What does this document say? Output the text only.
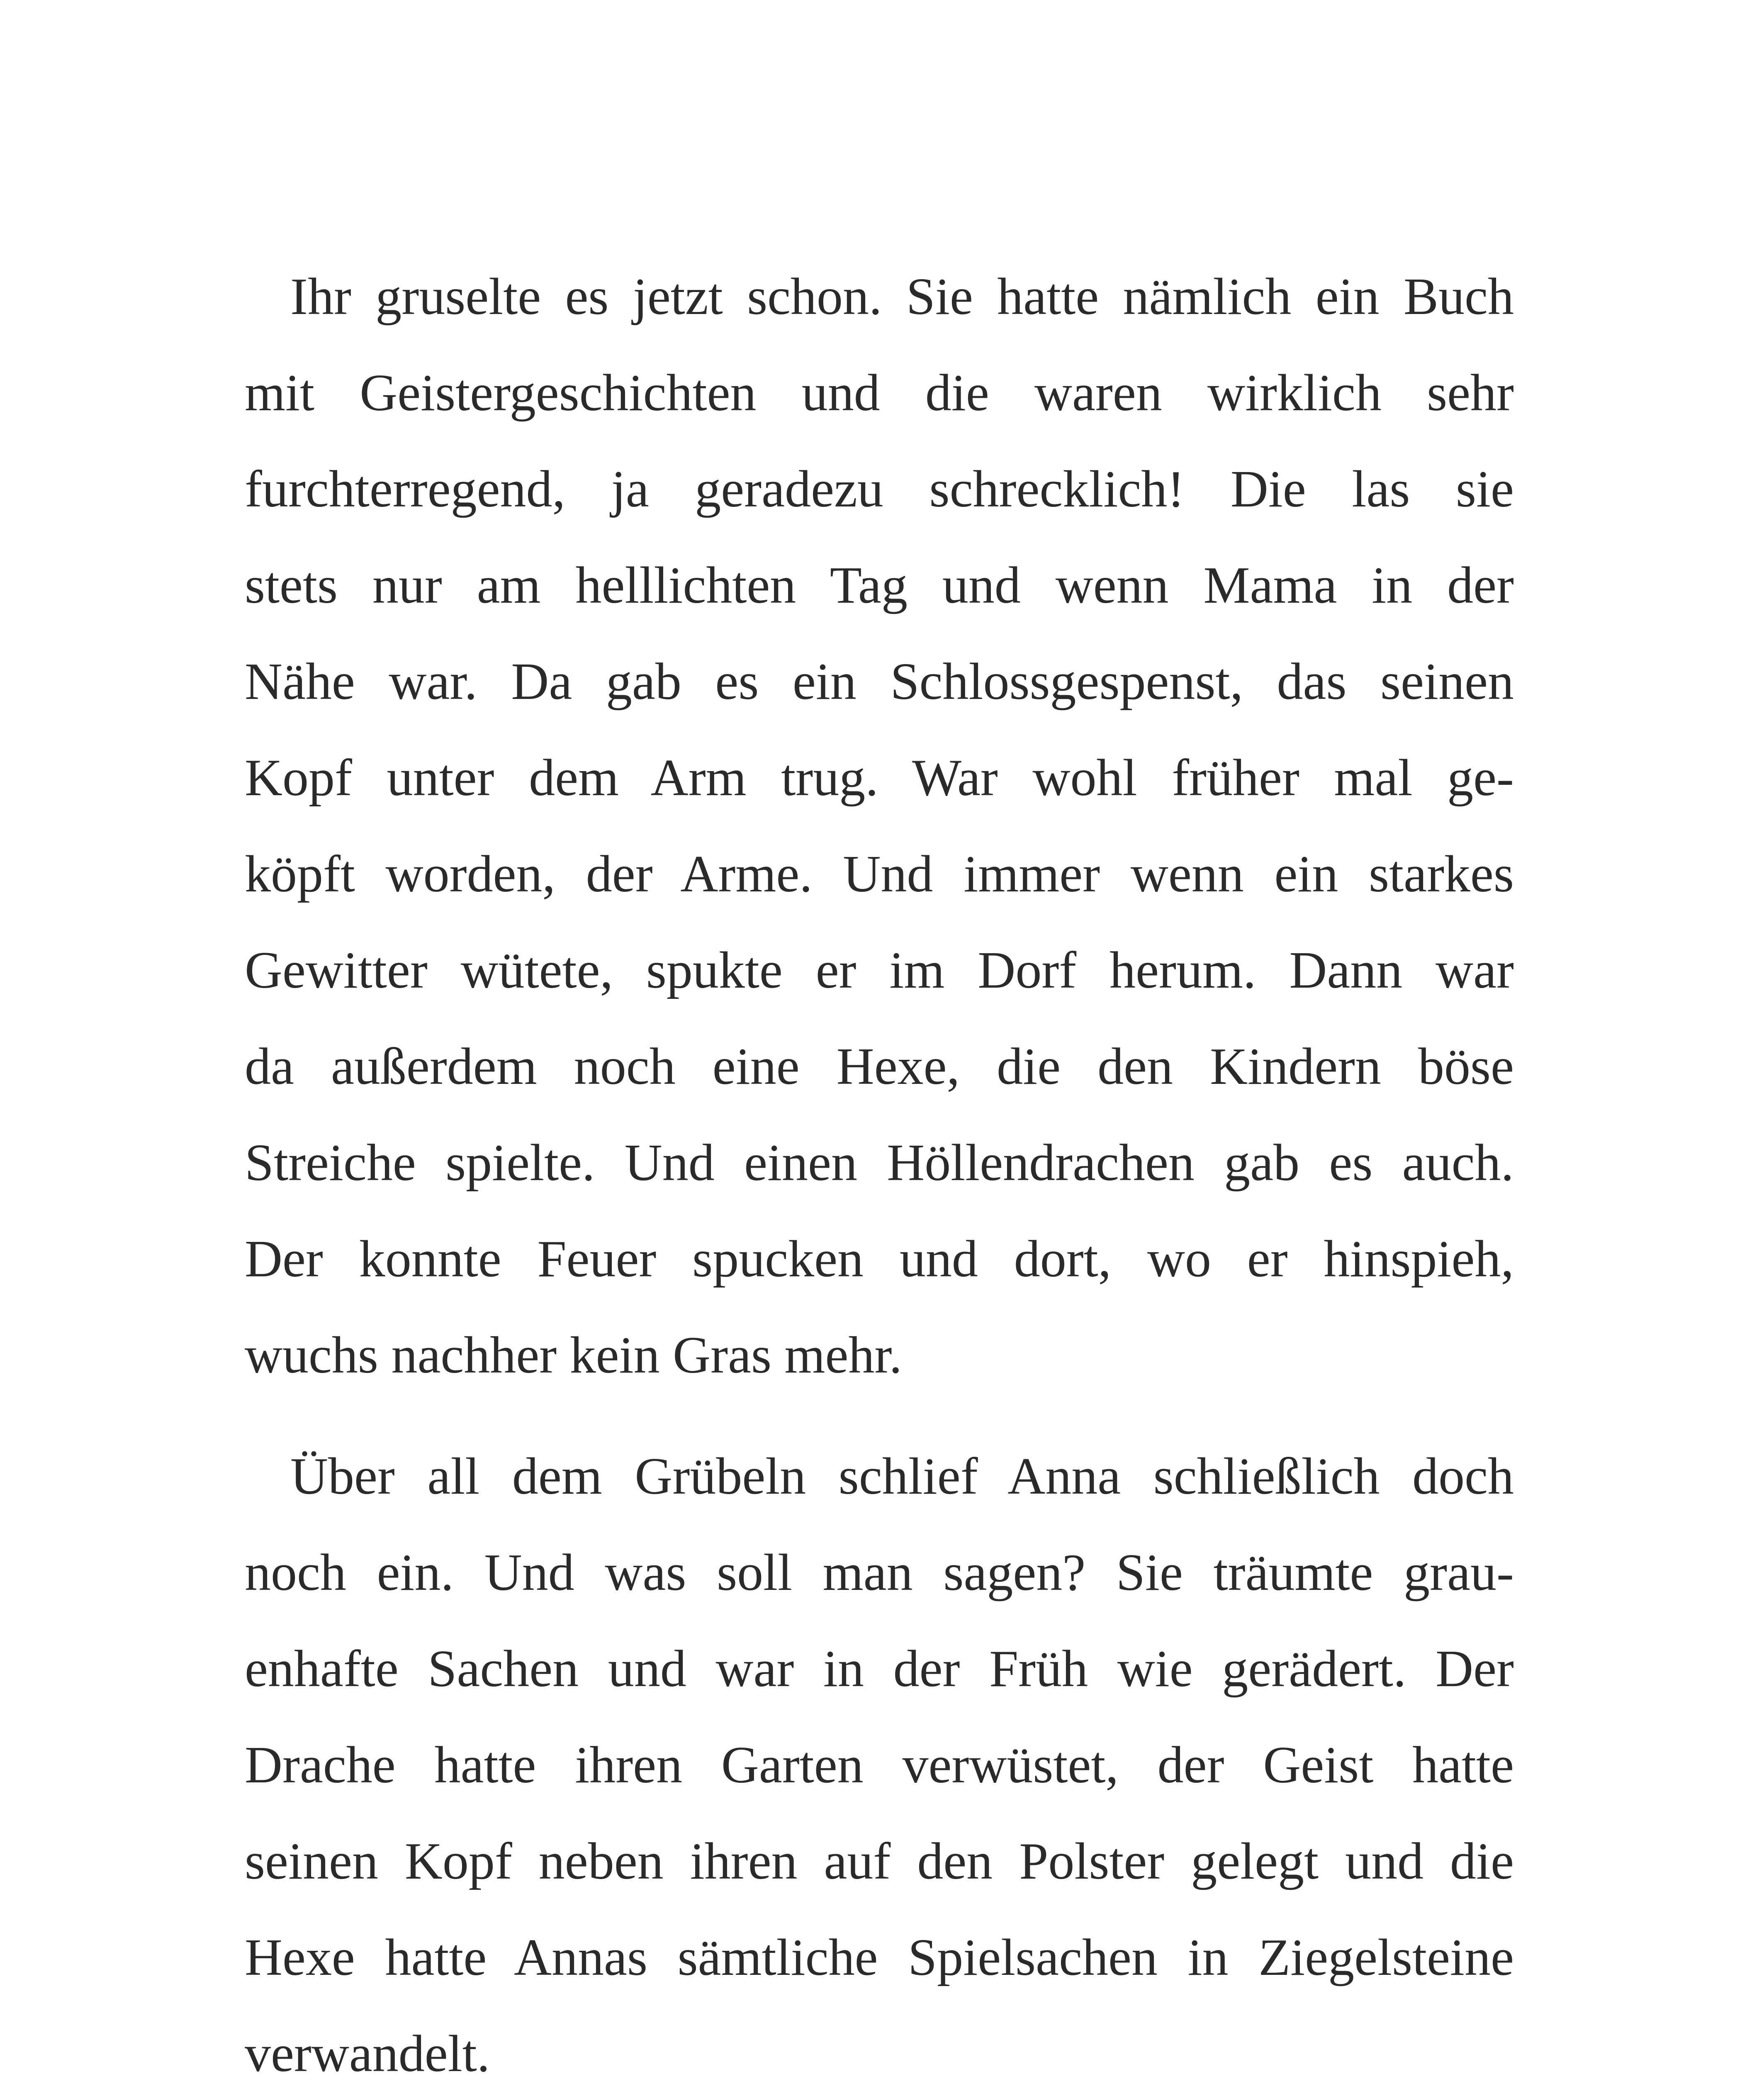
Ihr gruselte es jetzt schon. Sie hatte nämlich ein Buch
mit Geistergeschichten und die waren wirklich sehr
furchterregend, ja geradezu schrecklich! Die las sie
stets nur am helllichten Tag und wenn Mama in der
Nähe war. Da gab es ein Schlossgespenst, das seinen
Kopf unter dem Arm trug. War wohl früher mal ge-
köpft worden, der Arme. Und immer wenn ein starkes
Gewitter wütete, spukte er im Dorf herum. Dann war
da außerdem noch eine Hexe, die den Kindern böse
Streiche spielte. Und einen Höllendrachen gab es auch.
Der konnte Feuer spucken und dort, wo er hinspieh,
wuchs nachher kein Gras mehr.
Über all dem Grübeln schlief Anna schließlich doch
noch ein. Und was soll man sagen? Sie träumte grau-
enhafte Sachen und war in der Früh wie gerädert. Der
Drache hatte ihren Garten verwüstet, der Geist hatte
seinen Kopf neben ihren auf den Polster gelegt und die
Hexe hatte Annas sämtliche Spielsachen in Ziegelsteine
verwandelt.
